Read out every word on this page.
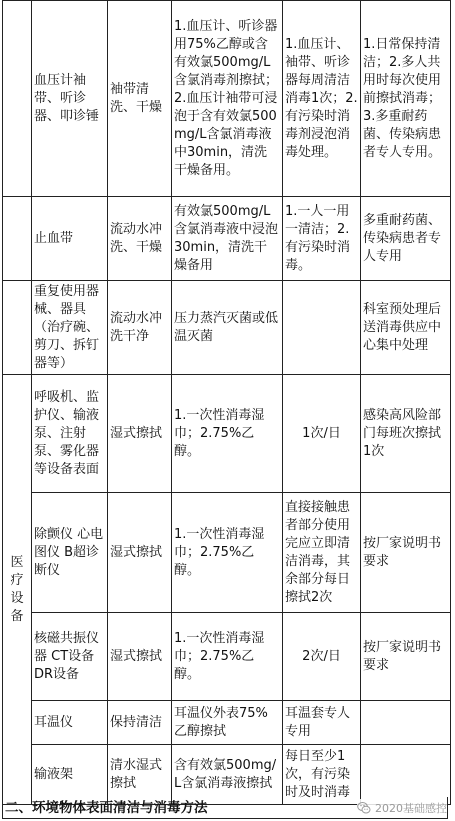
	血压计袖带、听诊器、叩诊锤	袖带清洗、干燥	1.血压计、听诊器用75%乙醇或含有效氯500mg/L含氯消毒剂擦拭；2.血压计袖带可浸泡于含有效氯500mg/L含氯消毒液中30min，清洗干燥备用。	1.血压计、袖带、听诊器每周清洁消毒1次；2.有污染时消毒剂浸泡消毒处理。	1.日常保持清洁；2.多人共用时每次使用前擦拭消毒；3.多重耐药菌、传染病患者专人专用。
	止血带	流动水冲洗、干燥	有效氯500mg/L含氯消毒液中浸泡30min，清洗干燥备用	1.一人一用一清洁；2.有污染时消毒。	多重耐药菌、传染病患者专人专用
	重复使用器械、器具（治疗碗、剪刀、拆钉器等）	流动水冲洗干净	压力蒸汽灭菌或低温灭菌		科室预处理后送消毒供应中心集中处理

医疗设备	呼吸机、监护仪、输液泵、注射泵、雾化器等设备表面	湿式擦拭	1.一次性消毒湿巾；2.75%乙醇。	1次/日	感染高风险部门每班次擦拭1次
	除颤仪 心电图仪 B超诊断仪	湿式擦拭	1.一次性消毒湿巾；2.75%乙醇。	直接接触患者部分使用完应立即清洁消毒，其余部分每日擦拭2次	按厂家说明书要求
	核磁共振仪器 CT设备 DR设备	湿式擦拭	1.一次性消毒湿巾；2.75%乙醇。	2次/日	按厂家说明书要求
	耳温仪	保持清洁	耳温仪外表75%乙醇擦拭	耳温套专人专用	
	输液架	清水湿式擦拭	含有效氯500mg/L含氯消毒液擦拭	每日至少1次，有污染时及时消毒	
二、环境物体表面清洁与消毒方法	2020基础感控
